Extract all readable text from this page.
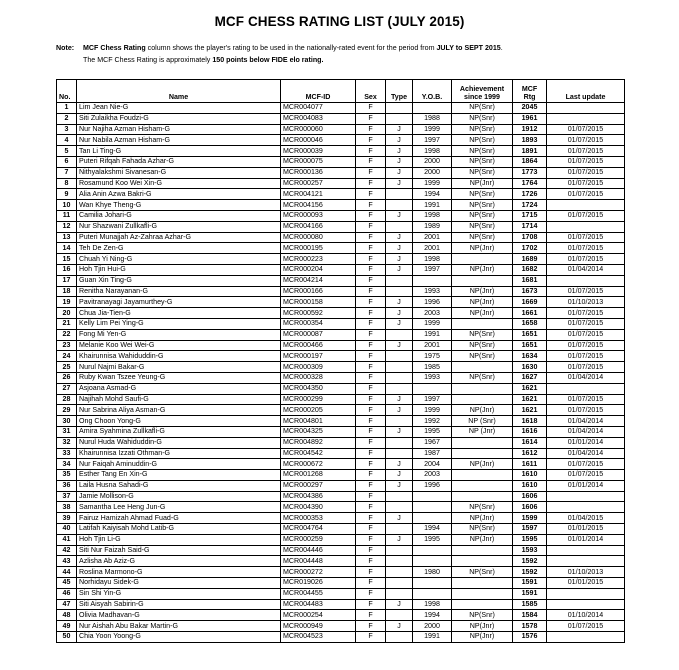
MCF CHESS RATING LIST (JULY 2015)
Note: MCF Chess Rating column shows the player's rating to be used in the nationally-rated event for the period from JULY to SEPT 2015.
The MCF Chess Rating is approximately 150 points below FIDE elo rating.
No.	Name	MCF-ID	Sex	Type	Y.O.B.	Achievement since 1999	MCF Rtg	Last update
1	Lim Jean Nie-G	MCR004077	F			NP(Snr)	2045	
2	Siti Zulaikha Foudzi-G	MCR004083	F		1988	NP(Snr)	1961	
3	Nur Najiha Azman Hisham-G	MCR000060	F	J	1999	NP(Snr)	1912	01/07/2015
4	Nur Nabila Azman Hisham-G	MCR000046	F	J	1997	NP(Snr)	1893	01/07/2015
5	Tan Li Ting-G	MCR000039	F	J	1998	NP(Snr)	1891	01/07/2015
6	Puteri Rifqah Fahada Azhar-G	MCR000075	F	J	2000	NP(Snr)	1864	01/07/2015
7	Nithyalakshmi Sivanesan-G	MCR000136	F	J	2000	NP(Snr)	1773	01/07/2015
8	Rosamund Koo Wei Xin-G	MCR000257	F	J	1999	NP(Jnr)	1764	01/07/2015
9	Alia Anin Azwa Bakri-G	MCR004121	F		1994	NP(Snr)	1726	01/07/2015
10	Wan Khye Theng-G	MCR004156	F		1991	NP(Snr)	1724	
11	Camilia Johari-G	MCR000093	F	J	1998	NP(Snr)	1715	01/07/2015
12	Nur Shazwani Zullkafli-G	MCR004166	F		1989	NP(Snr)	1714	
13	Puteri Munajjah Az-Zahraa Azhar-G	MCR000080	F	J	2001	NP(Snr)	1708	01/07/2015
14	Teh De Zen-G	MCR000195	F	J	2001	NP(Jnr)	1702	01/07/2015
15	Chuah Yi Ning-G	MCR000223	F	J	1998		1689	01/07/2015
16	Hoh Tjin Hui-G	MCR000204	F	J	1997	NP(Jnr)	1682	01/04/2014
17	Guan Xin Ting-G	MCR004214	F				1681	
18	Renitha Narayanan-G	MCR000166	F		1993	NP(Jnr)	1673	01/07/2015
19	Pavitranayagi Jayamurthey-G	MCR000158	F	J	1996	NP(Jnr)	1669	01/10/2013
20	Chua Jia-Tien-G	MCR000592	F	J	2003	NP(Jnr)	1661	01/07/2015
21	Kelly Lim Pei Ying-G	MCR000354	F	J	1999		1658	01/07/2015
22	Fong Mi Yen-G	MCR000087	F		1991	NP(Snr)	1651	01/07/2015
23	Melanie Koo Wei Wei-G	MCR000466	F	J	2001	NP(Snr)	1651	01/07/2015
24	Khairunnisa Wahiduddin-G	MCR000197	F		1975	NP(Snr)	1634	01/07/2015
25	Nurul Najmi Bakar-G	MCR000309	F		1985		1630	01/07/2015
26	Ruby Kwan Tszee Yeung-G	MCR000328	F		1993	NP(Snr)	1627	01/04/2014
27	Asjoana Asmad-G	MCR004350	F				1621	
28	Najihah Mohd Saufi-G	MCR000299	F	J	1997		1621	01/07/2015
29	Nur Sabrina Aliya Asman-G	MCR000205	F	J	1999	NP(Jnr)	1621	01/07/2015
30	Ong Choon Yong-G	MCR004801	F		1992	NP (Snr)	1618	01/04/2014
31	Amira Syahmina Zullkafli-G	MCR004325	F	J	1995	NP (Jnr)	1616	01/04/2014
32	Nurul Huda Wahiduddin-G	MCR004892	F		1967		1614	01/01/2014
33	Khairunnisa Izzati Othman-G	MCR004542	F		1987		1612	01/04/2014
34	Nur Faiqah Aminuddin-G	MCR000672	F	J	2004	NP(Jnr)	1611	01/07/2015
35	Esther Tang En Xin-G	MCR001268	F	J	2003		1610	01/07/2015
36	Laila Husna Sahadi-G	MCR000297	F	J	1996		1610	01/01/2014
37	Jamie Mollison-G	MCR004386	F				1606	
38	Samantha Lee Heng Jun-G	MCR004390	F			NP(Snr)	1606	
39	Fairuz Hamizah Ahmad Fuad-G	MCR000353	F	J		NP(Jnr)	1599	01/04/2015
40	Latifah Kaiyisah Mohd Latib-G	MCR004764	F		1994	NP(Snr)	1597	01/01/2015
41	Hoh Tjin Li-G	MCR000259	F	J	1995	NP(Jnr)	1595	01/01/2014
42	Siti Nur Faizah Said-G	MCR004446	F				1593	
43	Azlisha Ab Aziz-G	MCR004448	F				1592	
44	Roslina Marmono-G	MCR000272	F		1980	NP(Snr)	1592	01/10/2013
45	Norhidayu Sidek-G	MCR019026	F				1591	01/01/2015
46	Sin Shi Yin-G	MCR004455	F				1591	
47	Siti Aisyah Sabirin-G	MCR004483	F	J	1998		1585	
48	Olivia Madhavan-G	MCR000254	F		1994	NP(Snr)	1584	01/10/2014
49	Nur Aishah Abu Bakar Martin-G	MCR000949	F	J	2000	NP(Jnr)	1578	01/07/2015
50	Chia Yoon Yoong-G	MCR004523	F		1991	NP(Jnr)	1576	
